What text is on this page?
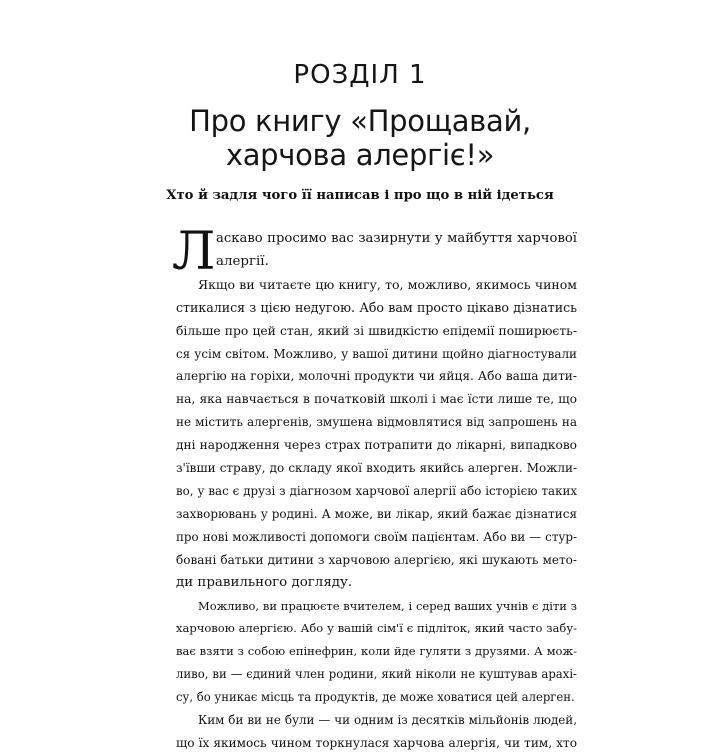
РОЗДІЛ 1
Про книгу «Прощавай,
харчова алергіє!»
Хто й задля чого її написав і про що в ній ідеться
Л аскаво просимо вас зазирнути у майбуття харчової
алергії.
Якщо ви читаєте цю книгу, то, можливо, якимось чином
стикалися з цією недугою. Або вам просто цікаво дізнатись
більше про цей стан, який зі швидкістю епідемії поширюєть-
ся усім світом. Можливо, у вашої дитини щойно діагностували
алергію на горіхи, молочні продукти чи яйця. Або ваша дити-
на, яка навчається в початковій школі і має їсти лише те, що
не містить алергенів, змушена відмовлятися від запрошень на
дні народження через страх потрапити до лікарні, випадково
з'ївши страву, до складу якої входить якийсь алерген. Можли-
во, у вас є друзі з діагнозом харчової алергії або історією таких
захворювань у родині. А може, ви лікар, який бажає дізнатися
про нові можливості допомоги своїм пацієнтам. Або ви — стур-
бовані батьки дитини з харчовою алергією, які шукають мето-
ди правильного догляду.
Можливо, ви працюєте вчителем, і серед ваших учнів є діти з
харчовою алергією. Або у вашій сім'ї є підліток, який часто забу-
ває взяти з собою епінефрин, коли йде гуляти з друзями. А мож-
ливо, ви — єдиний член родини, який ніколи не куштував арахі-
су, бо уникає місць та продуктів, де може ховатися цей алерген.
Ким би ви не були — чи одним із десятків мільйонів людей,
що їх якимось чином торкнулася харчова алергія, чи тим, хто
